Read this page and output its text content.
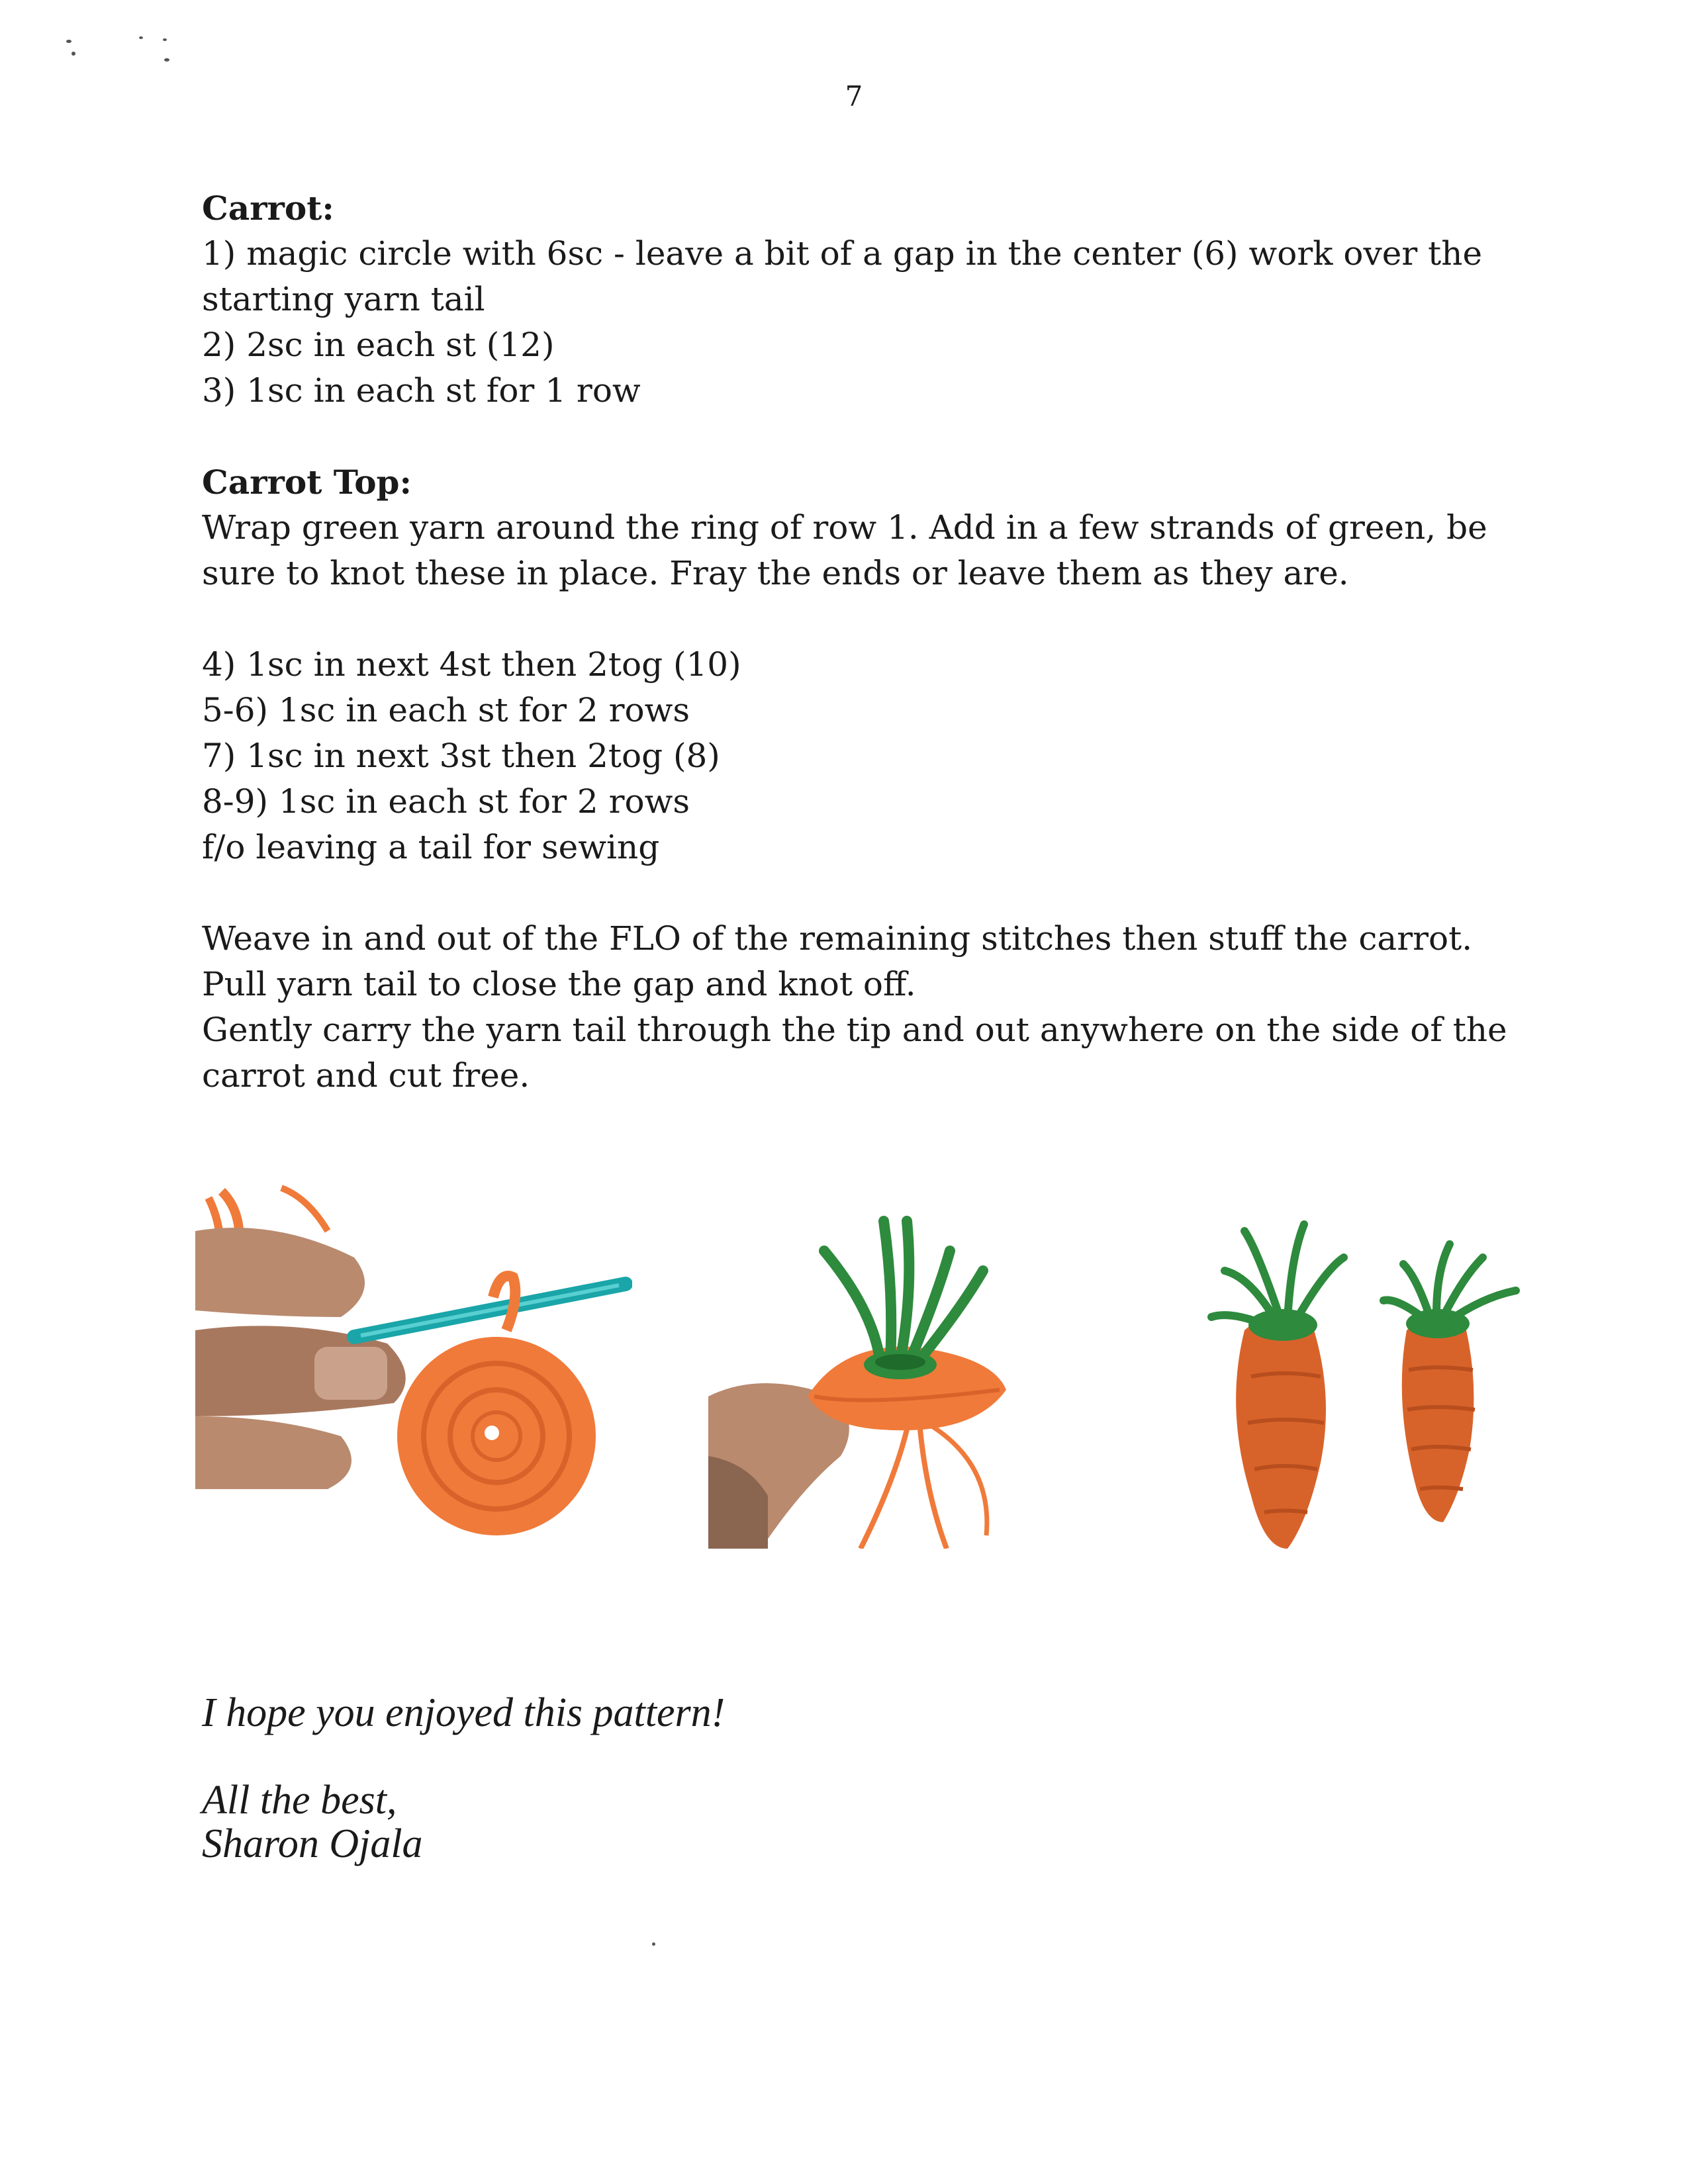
7

Carrot:

1) magic circle with 6sc - leave a bit of a gap in the center (6) work over the

starting yarn tail

2) 2sc in each st (12)

3) 1sc in each st for 1 row

Carrot Top:

Wrap green yarn around the ring of row 1. Add in a few strands of green, be

sure to knot these in place. Fray the ends or leave them as they are.

4) 1sc in next 4st then 2tog (10)

5-6) 1sc in each st for 2 rows

7) 1sc in next 3st then 2tog (8)

8-9) 1sc in each st for 2 rows

f/o leaving a tail for sewing

Weave in and out of the FLO of the remaining stitches then stuff the carrot.

Pull yarn tail to close the gap and knot off.

Gently carry the yarn tail through the tip and out anywhere on the side of the

carrot and cut free.

I hope you enjoyed this pattern!

All the best,

Sharon Ojala
